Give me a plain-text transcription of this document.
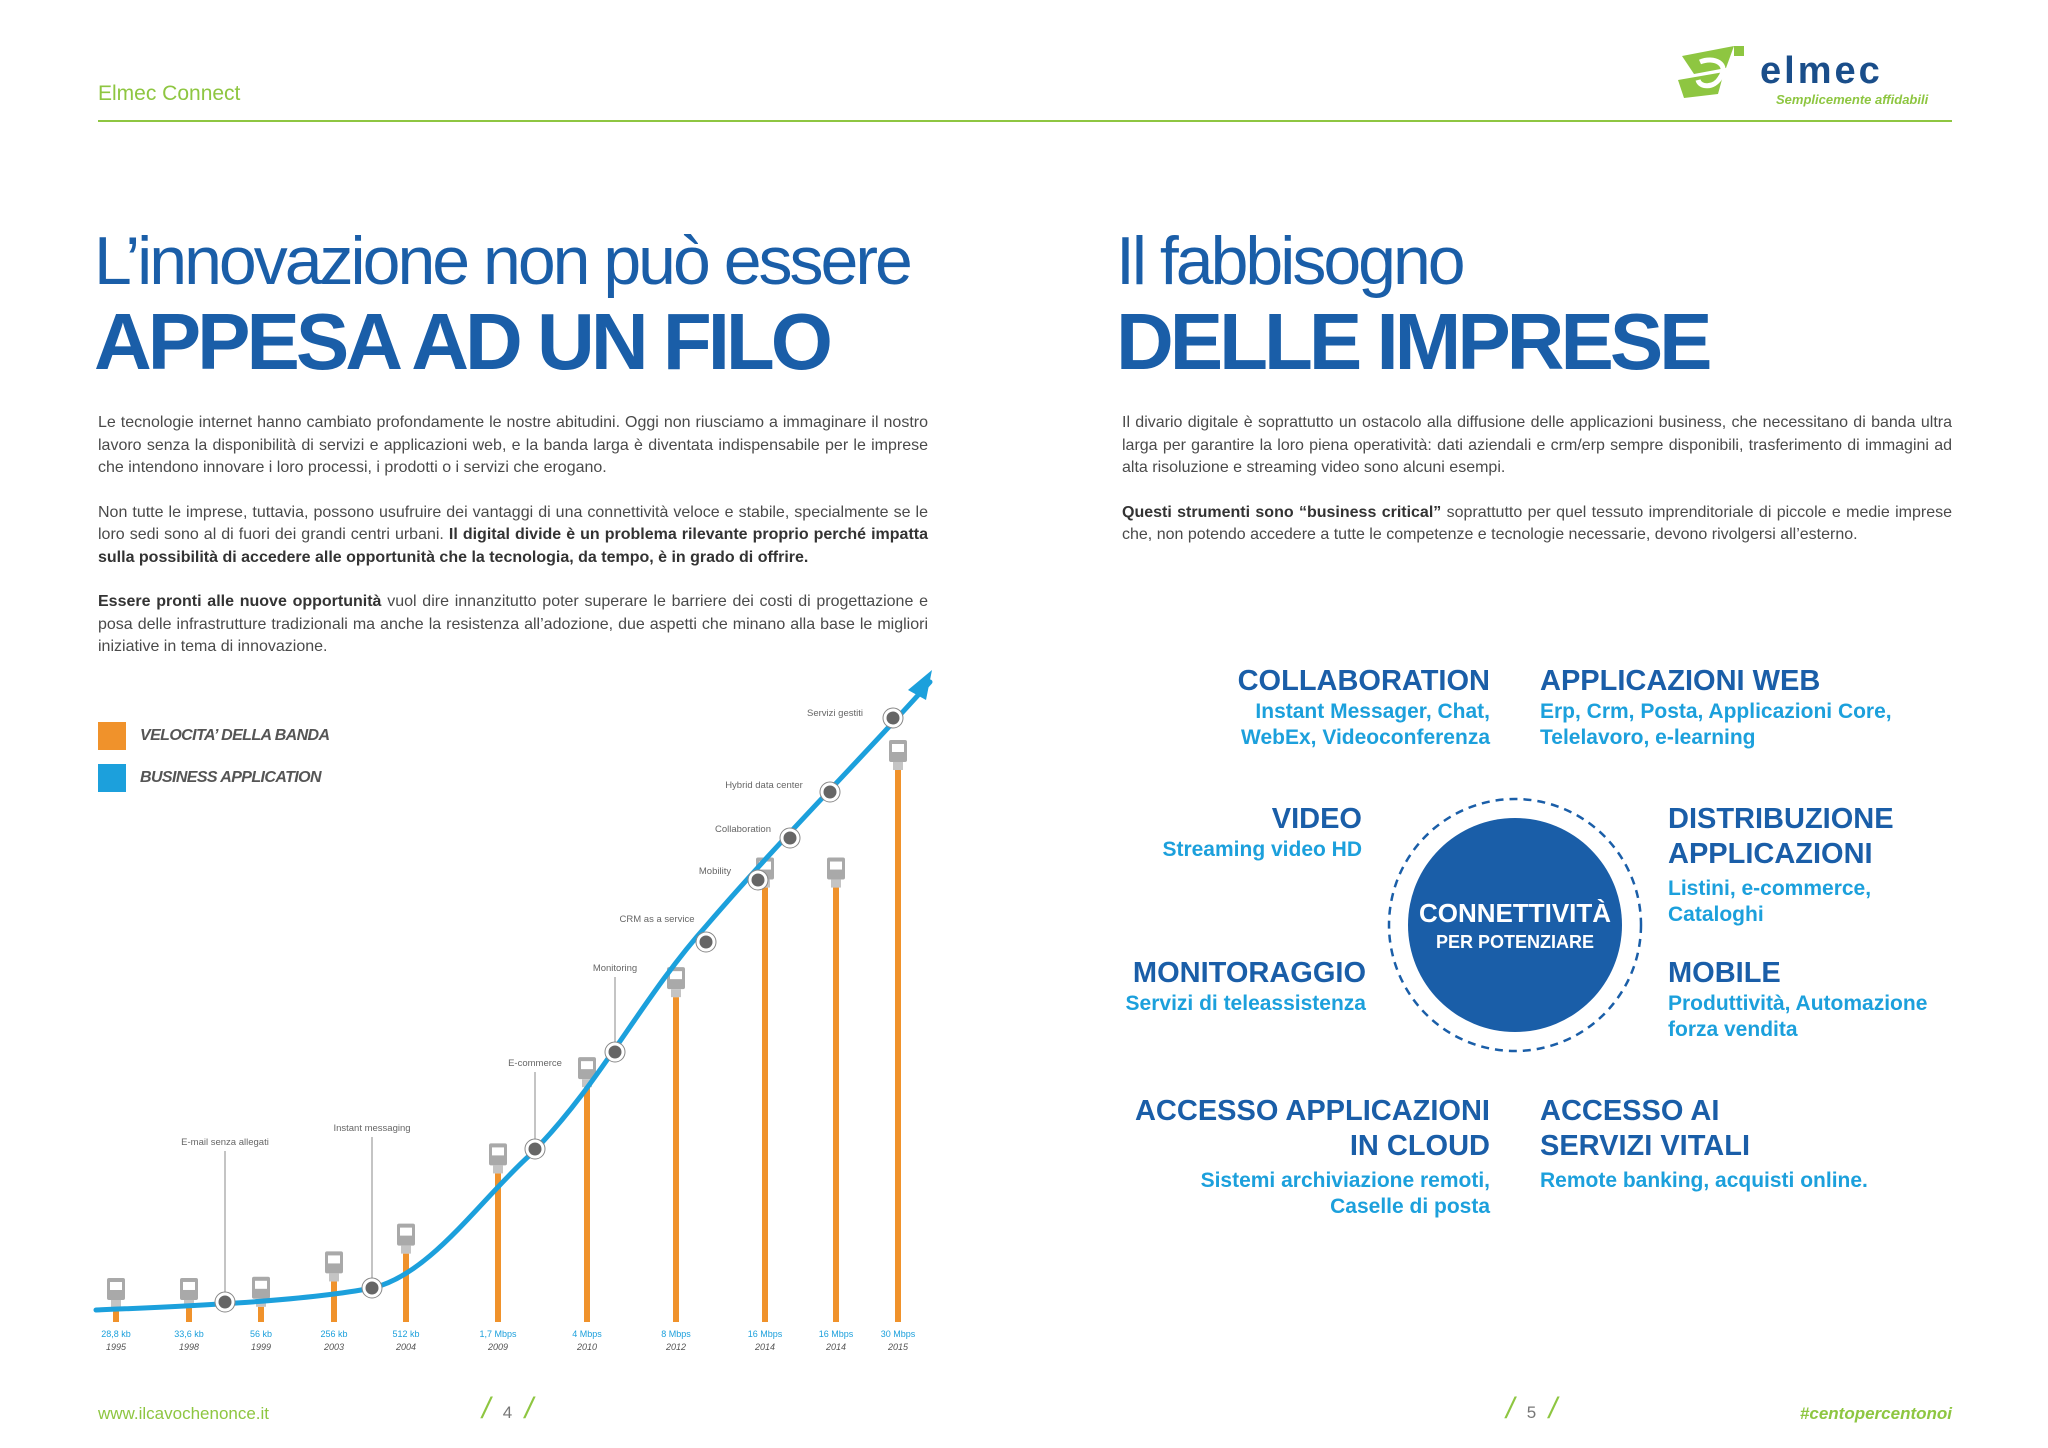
Elmec Connect
elmec
Semplicemente affidabili
L’innovazione non può essere
APPESA AD UN FILO

Le tecnologie internet hanno cambiato profondamente le nostre abitudini. Oggi non riusciamo a immaginare il nostro lavoro senza la disponibilità di servizi e applicazioni web, e la banda larga è diventata indispensabile per le imprese che intendono innovare i loro processi, i prodotti o i servizi che erogano.

Non tutte le imprese, tuttavia, possono usufruire dei vantaggi di una connettività veloce e stabile, specialmente se le loro sedi sono al di fuori dei grandi centri urbani. Il digital divide è un problema rilevante proprio perché impatta sulla possibilità di accedere alle opportunità che la tecnologia, da tempo, è in grado di offrire.

Essere pronti alle nuove opportunità vuol dire innanzitutto poter superare le barriere dei costi di progettazione e posa delle infrastrutture tradizionali ma anche la resistenza all’adozione, due aspetti che minano alla base le migliori iniziative in tema di innovazione.

VELOCITA’ DELLA BANDA
BUSINESS APPLICATION
28,8 kb
1995
33,6 kb
1998
56 kb
1999
256 kb
2003
512 kb
2004
1,7 Mbps
2009
4 Mbps
2010
8 Mbps
2012
16 Mbps
2014
16 Mbps
2014
30 Mbps
2015
E-mail senza allegati
Instant messaging
E-commerce
Monitoring
CRM as a service
Mobility
Collaboration
Hybrid data center
Servizi gestiti
Il fabbisogno
DELLE IMPRESE

Il divario digitale è soprattutto un ostacolo alla diffusione delle applicazioni business, che necessitano di banda ultra larga per garantire la loro piena operatività: dati aziendali e crm/erp sempre disponibili, trasferimento di immagini ad alta risoluzione e streaming video sono alcuni esempi.

Questi strumenti sono “business critical” soprattutto per quel tessuto imprenditoriale di piccole e medie imprese che, non potendo accedere a tutte le competenze e tecnologie necessarie, devono rivolgersi all’esterno.

CONNETTIVITÀ
PER POTENZIARE
COLLABORATION
Instant Messager, Chat,
WebEx, Videoconferenza
APPLICAZIONI WEB
Erp, Crm, Posta, Applicazioni Core,
Telelavoro, e-learning
VIDEO
Streaming video HD
DISTRIBUZIONE
APPLICAZIONI
Listini, e-commerce,
Cataloghi
MONITORAGGIO
Servizi di teleassistenza
MOBILE
Produttività, Automazione
forza vendita
ACCESSO APPLICAZIONI
IN CLOUD
Sistemi archiviazione remoti,
Caselle di posta
ACCESSO AI
SERVIZI VITALI
Remote banking, acquisti online.
www.ilcavochenonce.it	/ 4 /	/ 5 /	#centopercentonoi
